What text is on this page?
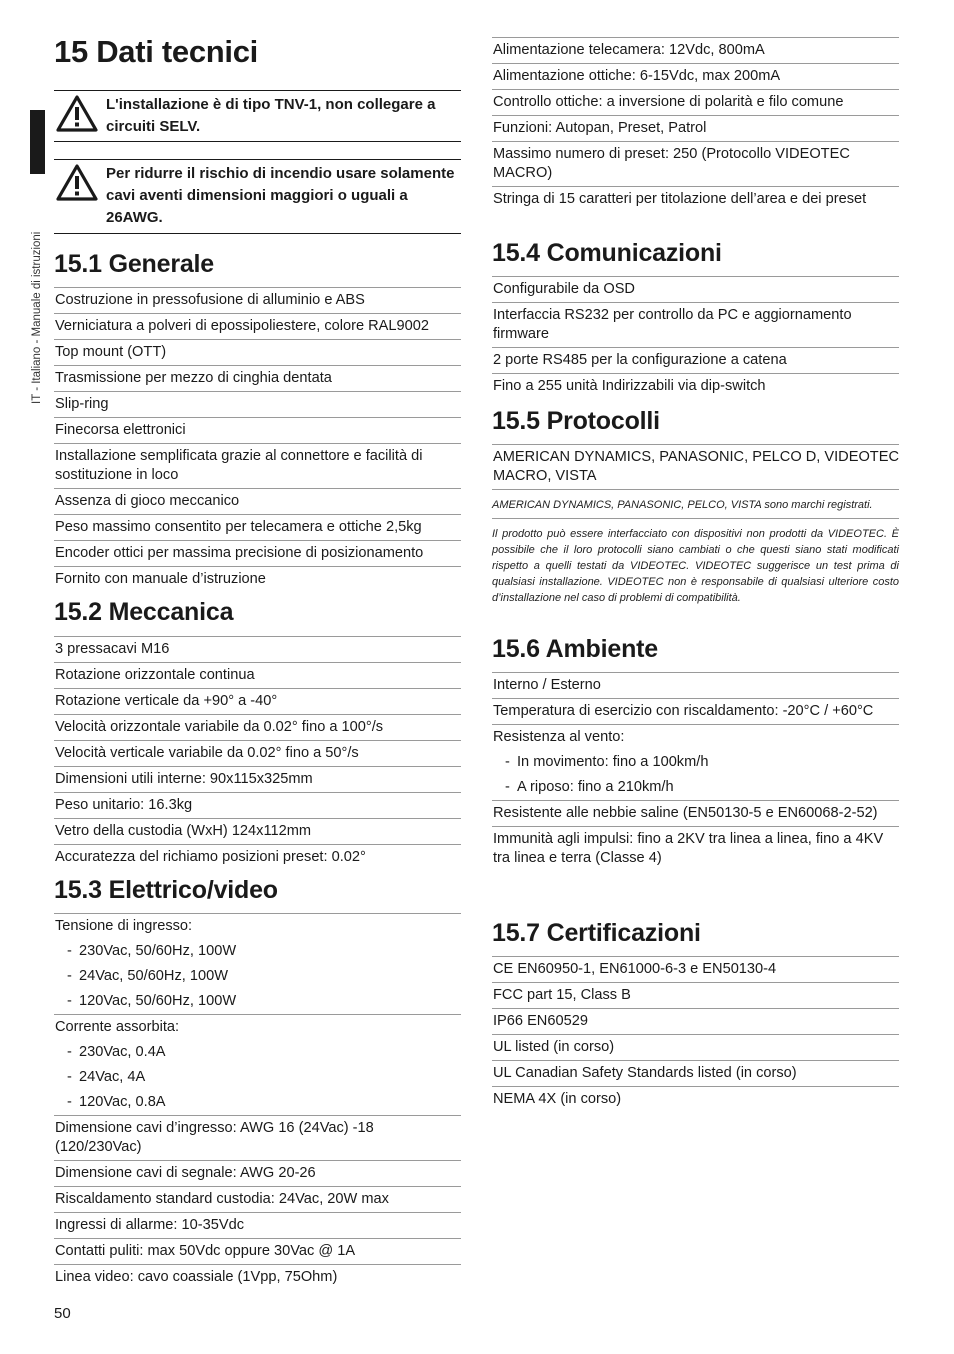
IT - Italiano - Manuale di istruzioni
15 Dati tecnici
L'installazione è di tipo TNV-1, non collegare a circuiti SELV.
Per ridurre il rischio di incendio usare solamente cavi aventi dimensioni maggiori o uguali a 26AWG.
15.1 Generale
Costruzione in pressofusione di alluminio e ABS
Verniciatura a polveri di epossipoliestere, colore RAL9002
Top mount (OTT)
Trasmissione per mezzo di cinghia dentata
Slip-ring
Finecorsa elettronici
Installazione semplificata grazie al connettore e facilità di sostituzione in loco
Assenza di gioco meccanico
Peso massimo consentito per telecamera e ottiche 2,5kg
Encoder ottici per massima precisione di posizionamento
Fornito con manuale d’istruzione
15.2 Meccanica
3 pressacavi M16
Rotazione orizzontale continua
Rotazione verticale da +90° a -40°
Velocità orizzontale variabile da 0.02° fino a 100°/s
Velocità verticale variabile da 0.02° fino a 50°/s
Dimensioni utili interne: 90x115x325mm
Peso unitario: 16.3kg
Vetro della custodia (WxH) 124x112mm
Accuratezza del richiamo posizioni preset: 0.02°
15.3 Elettrico/video
Tensione di ingresso:
- 230Vac, 50/60Hz, 100W
- 24Vac, 50/60Hz, 100W
- 120Vac, 50/60Hz, 100W
Corrente assorbita:
- 230Vac, 0.4A
- 24Vac, 4A
- 120Vac, 0.8A
Dimensione cavi d’ingresso: AWG 16 (24Vac) -18 (120/230Vac)
Dimensione cavi di segnale: AWG 20-26
Riscaldamento standard custodia: 24Vac, 20W max
Ingressi di allarme: 10-35Vdc
Contatti puliti: max 50Vdc oppure 30Vac @ 1A
Linea video: cavo coassiale (1Vpp, 75Ohm)
Alimentazione telecamera: 12Vdc, 800mA
Alimentazione ottiche: 6-15Vdc, max 200mA
Controllo ottiche: a inversione di polarità e filo comune
Funzioni: Autopan, Preset, Patrol
Massimo numero di preset: 250 (Protocollo VIDEOTEC MACRO)
Stringa di 15 caratteri per titolazione dell’area e dei preset
15.4 Comunicazioni
Configurabile da OSD
Interfaccia RS232 per controllo da PC e aggiornamento firmware
2 porte RS485 per la configurazione a catena
Fino a 255 unità Indirizzabili via dip-switch
15.5 Protocolli
AMERICAN DYNAMICS, PANASONIC, PELCO D, VIDEOTEC MACRO, VISTA
AMERICAN DYNAMICS, PANASONIC, PELCO, VISTA sono marchi registrati.
Il prodotto può essere interfacciato con dispositivi non prodotti da VIDEOTEC. È possibile che il loro protocolli siano cambiati o che questi siano stati modificati rispetto a quelli testati da VIDEOTEC. VIDEOTEC suggerisce un test prima di qualsiasi installazione. VIDEOTEC non è responsabile di qualsiasi ulteriore costo d’installazione nel caso di problemi di compatibilità.
15.6 Ambiente
Interno / Esterno
Temperatura di esercizio con riscaldamento: -20°C / +60°C
Resistenza al vento:
- In movimento: fino a 100km/h
- A riposo: fino a 210km/h
Resistente alle nebbie saline (EN50130-5 e EN60068-2-52)
Immunità agli impulsi: fino a 2KV tra linea a linea, fino a 4KV tra linea e terra (Classe 4)
15.7 Certificazioni
CE EN60950-1, EN61000-6-3 e EN50130-4
FCC part 15, Class B
IP66 EN60529
UL listed (in corso)
UL Canadian Safety Standards listed (in corso)
NEMA 4X (in corso)
50
